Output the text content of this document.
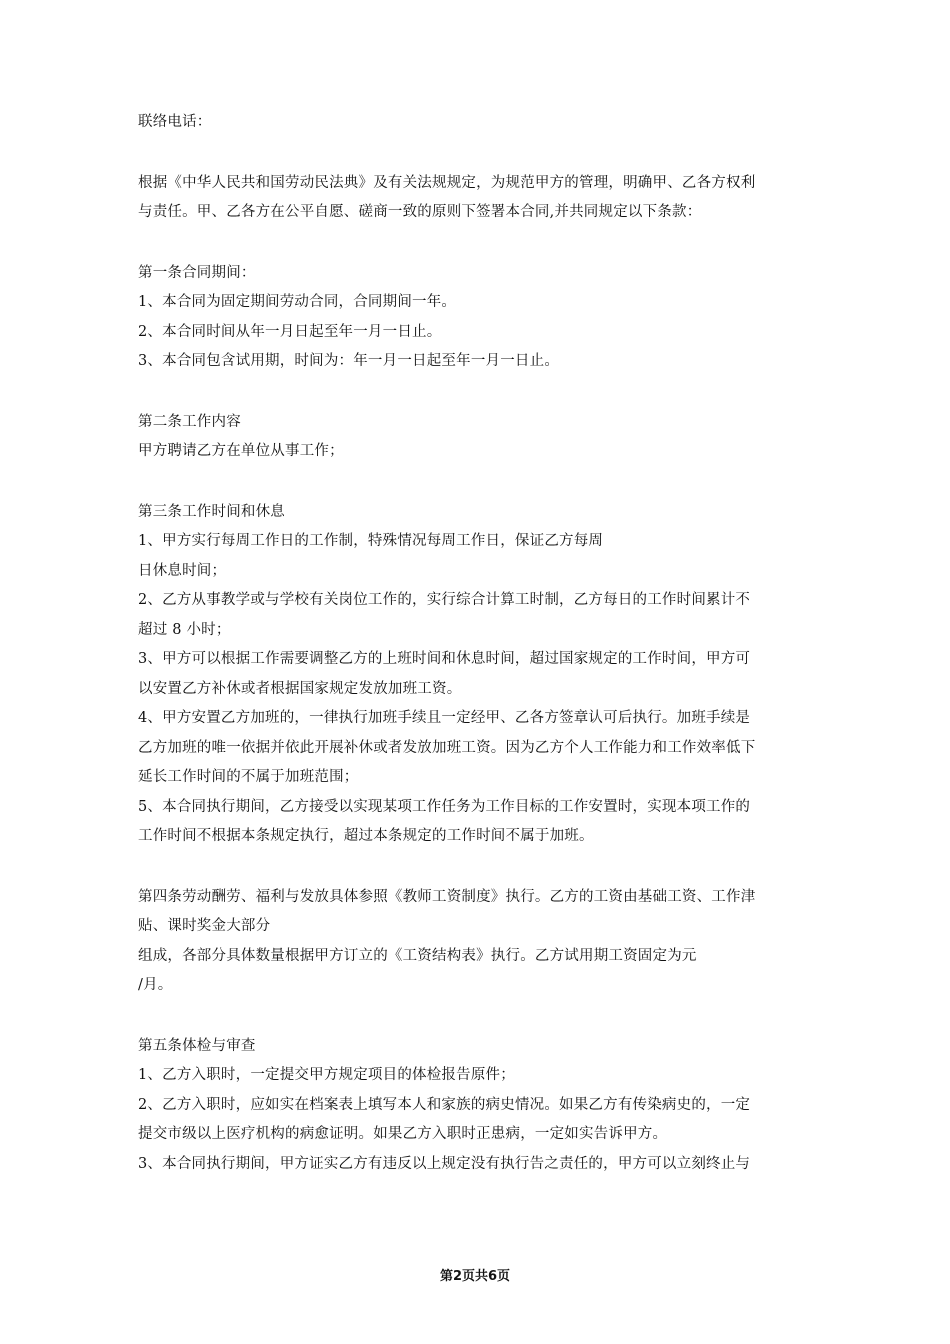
联络电话：
根据《中华人民共和国劳动民法典》及有关法规规定，为规范甲方的管理，明确甲、乙各方权利
与责任。甲、乙各方在公平自愿、磋商一致的原则下签署本合同,并共同规定以下条款：
第一条合同期间：
1、本合同为固定期间劳动合同，合同期间一年。
2、本合同时间从年一月日起至年一月一日止。
3、本合同包含试用期，时间为：年一月一日起至年一月一日止。
第二条工作内容
甲方聘请乙方在单位从事工作；
第三条工作时间和休息
1、甲方实行每周工作日的工作制，特殊情况每周工作日，保证乙方每周
日休息时间；
2、乙方从事教学或与学校有关岗位工作的，实行综合计算工时制，乙方每日的工作时间累计不
超过 8 小时；
3、甲方可以根据工作需要调整乙方的上班时间和休息时间，超过国家规定的工作时间，甲方可
以安置乙方补休或者根据国家规定发放加班工资。
4、甲方安置乙方加班的，一律执行加班手续且一定经甲、乙各方签章认可后执行。加班手续是
乙方加班的唯一依据并依此开展补休或者发放加班工资。因为乙方个人工作能力和工作效率低下
延长工作时间的不属于加班范围；
5、本合同执行期间，乙方接受以实现某项工作任务为工作目标的工作安置时，实现本项工作的
工作时间不根据本条规定执行，超过本条规定的工作时间不属于加班。
第四条劳动酬劳、福利与发放具体参照《教师工资制度》执行。乙方的工资由基础工资、工作津
贴、课时奖金大部分
组成，各部分具体数量根据甲方订立的《工资结构表》执行。乙方试用期工资固定为元
/月。
第五条体检与审查
1、乙方入职时，一定提交甲方规定项目的体检报告原件；
2、乙方入职时，应如实在档案表上填写本人和家族的病史情况。如果乙方有传染病史的，一定
提交市级以上医疗机构的病愈证明。如果乙方入职时正患病，一定如实告诉甲方。
3、本合同执行期间，甲方证实乙方有违反以上规定没有执行告之责任的，甲方可以立刻终止与
第2页共6页
